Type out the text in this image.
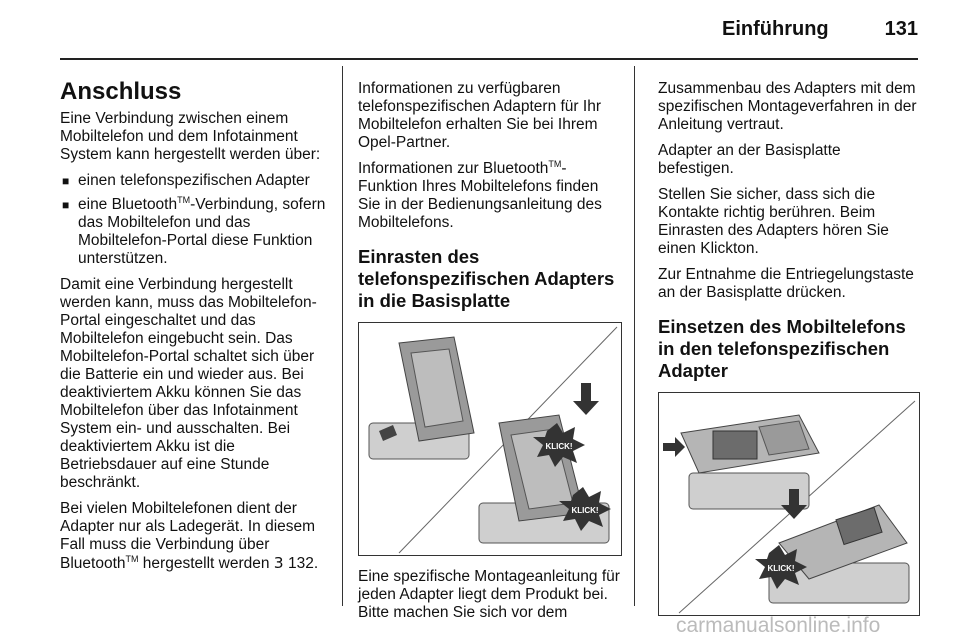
Einführung	131
Anschluss

Eine Verbindung zwischen einem Mobiltelefon und dem Infotainment System kann hergestellt werden über:

■ einen telefonspezifischen Adapter
■ eine Bluetooth™-Verbindung, sofern das Mobiltelefon und das Mobiltelefon-Portal diese Funktion unterstützen.

Damit eine Verbindung hergestellt werden kann, muss das Mobiltelefon-Portal eingeschaltet und das Mobiltelefon eingebucht sein. Das Mobiltelefon-Portal schaltet sich über die Batterie ein und wieder aus. Bei deaktiviertem Akku können Sie das Mobiltelefon über das Infotainment System ein- und ausschalten. Bei deaktiviertem Akku ist die Betriebsdauer auf eine Stunde beschränkt.

Bei vielen Mobiltelefonen dient der Adapter nur als Ladegerät. In diesem Fall muss die Verbindung über Bluetooth™ hergestellt werden 3 132.

Informationen zu verfügbaren telefonspezifischen Adaptern für Ihr Mobiltelefon erhalten Sie bei Ihrem Opel-Partner.

Informationen zur Bluetooth™-Funktion Ihres Mobiltelefons finden Sie in der Bedienungsanleitung des Mobiltelefons.

Einrasten des telefonspezifischen Adapters in die Basisplatte
KLICK!
KLICK!

Eine spezifische Montageanleitung für jeden Adapter liegt dem Produkt bei. Bitte machen Sie sich vor dem

Zusammenbau des Adapters mit dem spezifischen Montageverfahren in der Anleitung vertraut.

Adapter an der Basisplatte befestigen.

Stellen Sie sicher, dass sich die Kontakte richtig berühren. Beim Einrasten des Adapters hören Sie einen Klickton.

Zur Entnahme die Entriegelungstaste an der Basisplatte drücken.

Einsetzen des Mobiltelefons in den telefonspezifischen Adapter
KLICK!
carmanualsonline.info
